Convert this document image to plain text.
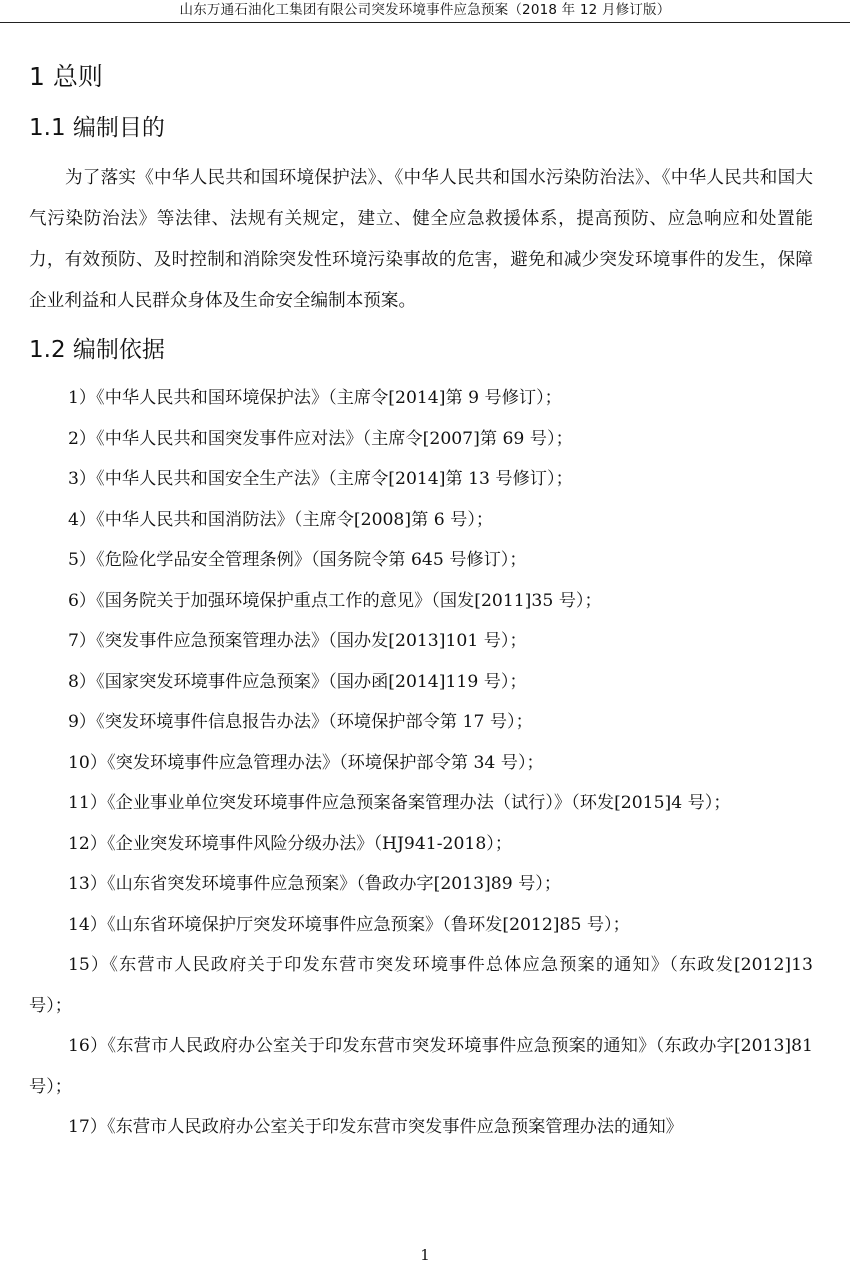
山东万通石油化工集团有限公司突发环境事件应急预案（2018 年 12 月修订版）
1 总则
1.1 编制目的

为了落实《中华人民共和国环境保护法》、《中华人民共和国水污染防治法》、《中华人民共和国大气污染防治法》等法律、法规有关规定，建立、健全应急救援体系，提高预防、应急响应和处置能力，有效预防、及时控制和消除突发性环境污染事故的危害，避免和减少突发环境事件的发生，保障企业利益和人民群众身体及生命安全编制本预案。

1.2 编制依据
1）《中华人民共和国环境保护法》（主席令[2014]第 9 号修订）；
2）《中华人民共和国突发事件应对法》（主席令[2007]第 69 号）；
3）《中华人民共和国安全生产法》（主席令[2014]第 13 号修订）；
4）《中华人民共和国消防法》（主席令[2008]第 6 号）；
5）《危险化学品安全管理条例》（国务院令第 645 号修订）；
6）《国务院关于加强环境保护重点工作的意见》（国发[2011]35 号）；
7）《突发事件应急预案管理办法》（国办发[2013]101 号）；
8）《国家突发环境事件应急预案》（国办函[2014]119 号）；
9）《突发环境事件信息报告办法》（环境保护部令第 17 号）；
10）《突发环境事件应急管理办法》（环境保护部令第 34 号）；
11）《企业事业单位突发环境事件应急预案备案管理办法（试行）》（环发[2015]4 号）；
12）《企业突发环境事件风险分级办法》（HJ941-2018）；
13）《山东省突发环境事件应急预案》（鲁政办字[2013]89 号）；
14）《山东省环境保护厅突发环境事件应急预案》（鲁环发[2012]85 号）；
15）《东营市人民政府关于印发东营市突发环境事件总体应急预案的通知》（东政发[2012]13 号）；
16）《东营市人民政府办公室关于印发东营市突发环境事件应急预案的通知》（东政办字[2013]81 号）；
17）《东营市人民政府办公室关于印发东营市突发事件应急预案管理办法的通知》
1
